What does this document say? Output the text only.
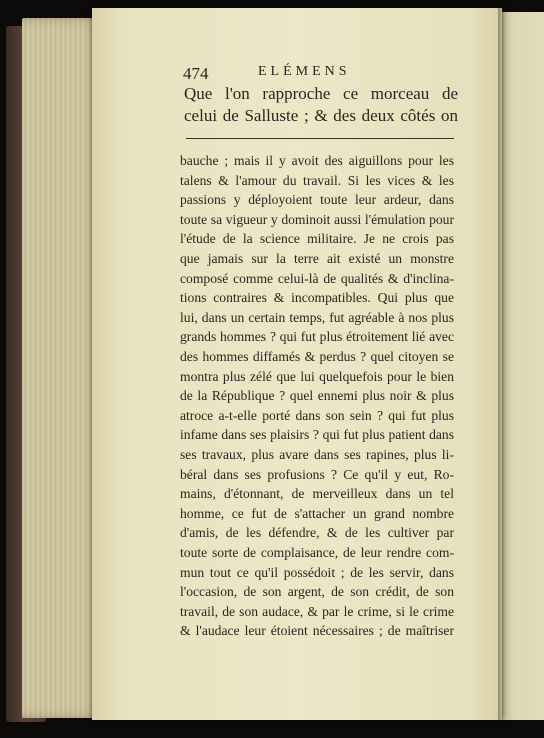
474	ELÉMENS
Que l'on rapproche ce morceau de
celui de Salluste ; & des deux côtés on
bauche ; mais il y avoit des aiguillons pour les
talens & l'amour du travail. Si les vices & les
passions y déployoient toute leur ardeur, dans
toute sa vigueur y dominoit aussi l'émulation pour
l'étude de la science militaire. Je ne crois pas
que jamais sur la terre ait existé un monstre
composé comme celui-là de qualités & d'inclina-
tions contraires & incompatibles. Qui plus que
lui, dans un certain temps, fut agréable à nos plus
grands hommes ? qui fut plus étroitement lié avec
des hommes diffamés & perdus ? quel citoyen se
montra plus zélé que lui quelquefois pour le bien
de la République ? quel ennemi plus noir & plus
atroce a-t-elle porté dans son sein ? qui fut plus
infame dans ses plaisirs ? qui fut plus patient dans
ses travaux, plus avare dans ses rapines, plus li-
béral dans ses profusions ? Ce qu'il y eut, Ro-
mains, d'étonnant, de merveilleux dans un tel
homme, ce fut de s'attacher un grand nombre
d'amis, de les défendre, & de les cultiver par
toute sorte de complaisance, de leur rendre com-
mun tout ce qu'il possédoit ; de les servir, dans
l'occasion, de son argent, de son crédit, de son
travail, de son audace, & par le crime, si le crime
& l'audace leur étoient nécessaires ; de maîtriser
